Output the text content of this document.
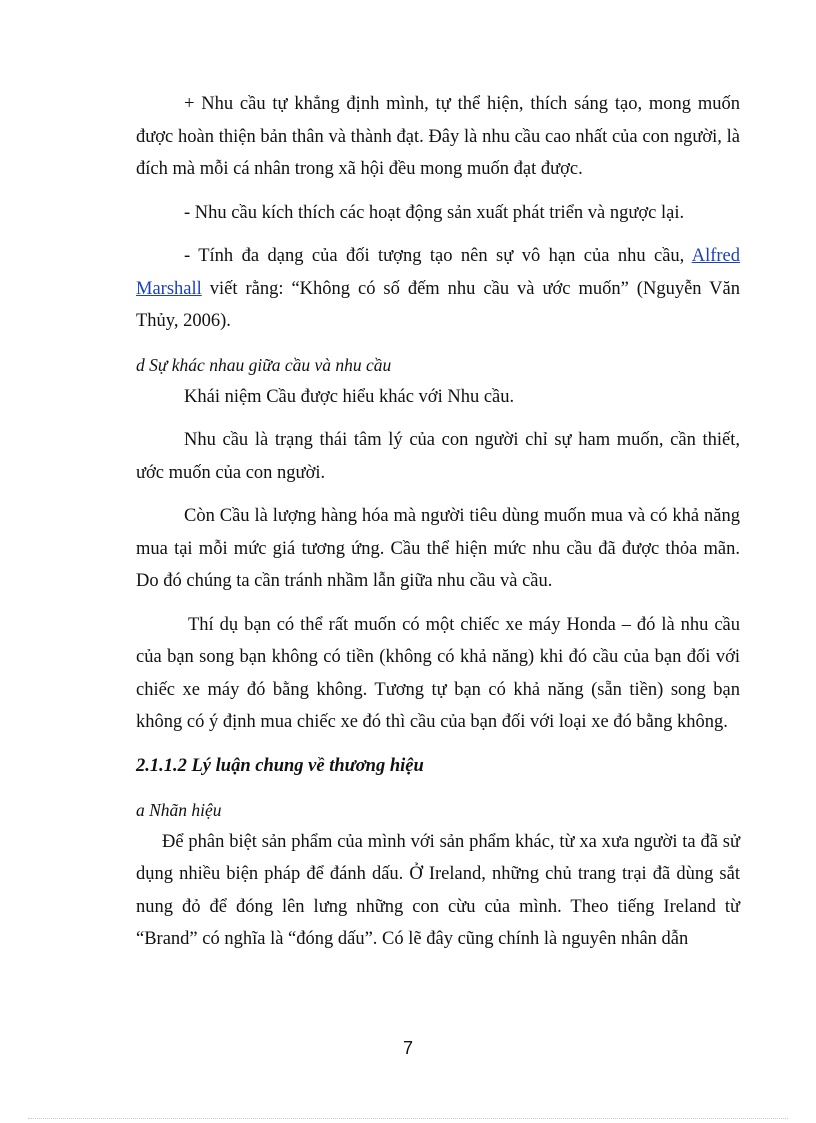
+ Nhu cầu tự khẳng định mình, tự thể hiện, thích sáng tạo, mong muốn được hoàn thiện bản thân và thành đạt. Đây là nhu cầu cao nhất của con người, là đích mà mỗi cá nhân trong xã hội đều mong muốn đạt được.

- Nhu cầu kích thích các hoạt động sản xuất phát triển và ngược lại.

- Tính đa dạng của đối tượng tạo nên sự vô hạn của nhu cầu, Alfred Marshall viết rằng: “Không có số đếm nhu cầu và ước muốn” (Nguyễn Văn Thủy, 2006).

d Sự khác nhau giữa cầu và nhu cầu

Khái niệm Cầu được hiểu khác với Nhu cầu.

Nhu cầu là trạng thái tâm lý của con người chỉ sự ham muốn, cần thiết, ước muốn của con người.

Còn Cầu là lượng hàng hóa mà người tiêu dùng muốn mua và có khả năng mua tại mỗi mức giá tương ứng. Cầu thể hiện mức nhu cầu đã được thỏa mãn. Do đó chúng ta cần tránh nhầm lẫn giữa nhu cầu và cầu.

Thí dụ bạn có thể rất muốn có một chiếc xe máy Honda – đó là nhu cầu của bạn song bạn không có tiền (không có khả năng) khi đó cầu của bạn đối với chiếc xe máy đó bằng không. Tương tự bạn có khả năng (sẵn tiền) song bạn không có ý định mua chiếc xe đó thì cầu của bạn đối với loại xe đó bằng không.

2.1.1.2 Lý luận chung về thương hiệu

a Nhãn hiệu

Để phân biệt sản phẩm của mình với sản phẩm khác, từ xa xưa người ta đã sử dụng nhiều biện pháp để đánh dấu. Ở Ireland, những chủ trang trại đã dùng sắt nung đỏ để đóng lên lưng những con cừu của mình. Theo tiếng Ireland từ “Brand” có nghĩa là “đóng dấu”. Có lẽ đây cũng chính là nguyên nhân dẫn

7
